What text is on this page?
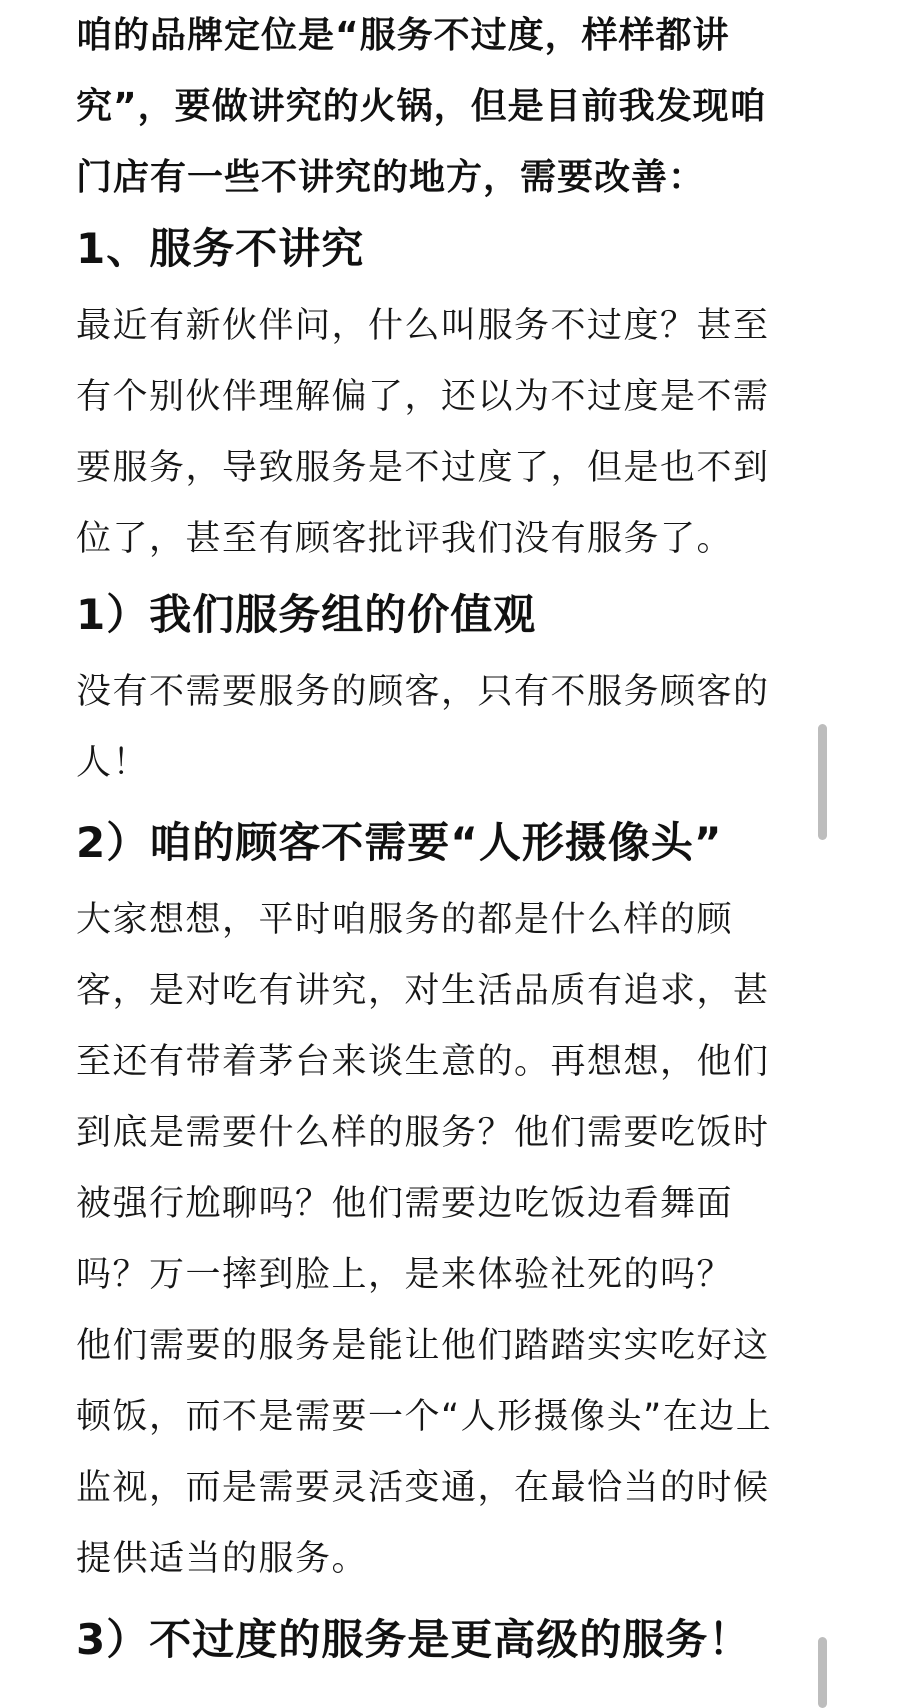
咱的品牌定位是“服务不过度，样样都讲究”，要做讲究的火锅，但是目前我发现咱门店有一些不讲究的地方，需要改善：

1、服务不讲究

最近有新伙伴问，什么叫服务不过度？甚至有个别伙伴理解偏了，还以为不过度是不需要服务，导致服务是不过度了，但是也不到位了，甚至有顾客批评我们没有服务了。

1）我们服务组的价值观

没有不需要服务的顾客，只有不服务顾客的人！

2）咱的顾客不需要“人形摄像头”

大家想想，平时咱服务的都是什么样的顾客，是对吃有讲究，对生活品质有追求，甚至还有带着茅台来谈生意的。再想想，他们到底是需要什么样的服务？他们需要吃饭时被强行尬聊吗？他们需要边吃饭边看舞面吗？万一摔到脸上，是来体验社死的吗？

他们需要的服务是能让他们踏踏实实吃好这顿饭，而不是需要一个“人形摄像头”在边上监视，而是需要灵活变通，在最恰当的时候提供适当的服务。

3）不过度的服务是更高级的服务！
